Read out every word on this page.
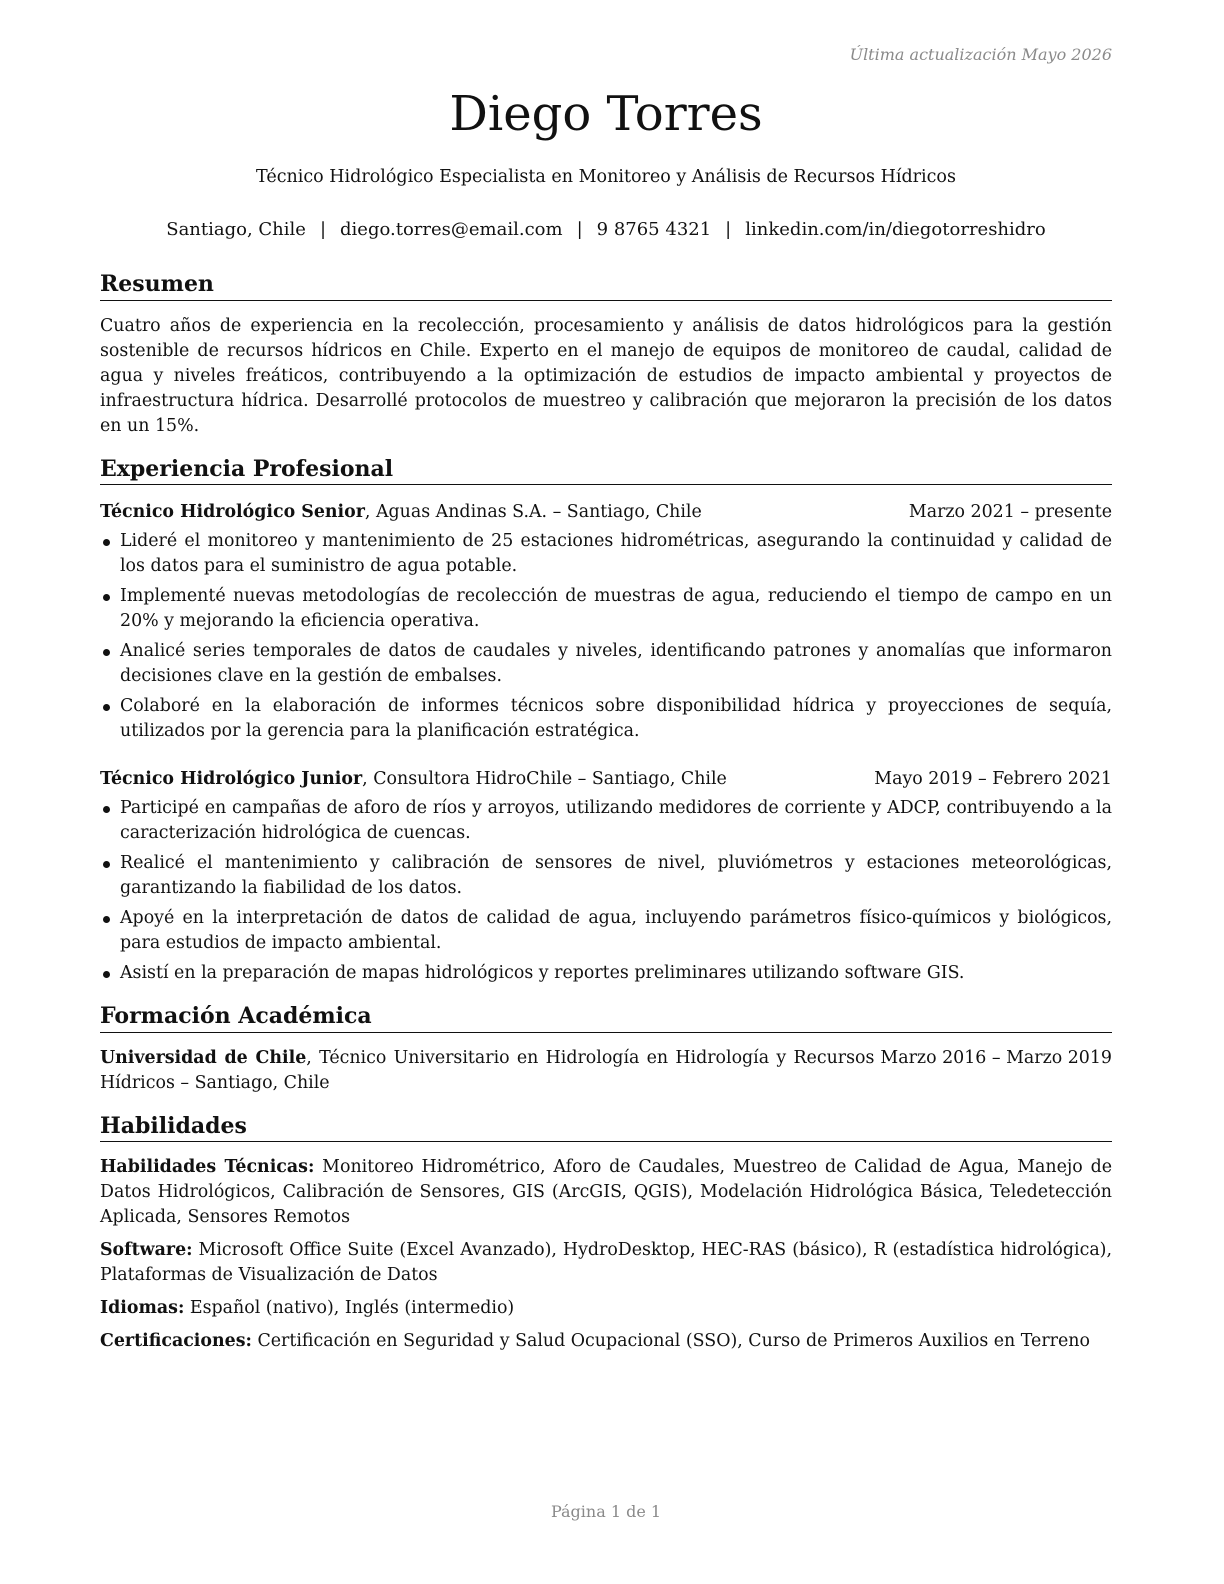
Última actualización Mayo 2026
Diego Torres
Técnico Hidrológico Especialista en Monitoreo y Análisis de Recursos Hídricos
Santiago, Chile | diego.torres@email.com | 9 8765 4321 | linkedin.com/in/diegotorreshidro
Resumen

Cuatro años de experiencia en la recolección, procesamiento y análisis de datos hidrológicos para la gestión sostenible de recursos hídricos en Chile. Experto en el manejo de equipos de monitoreo de caudal, calidad de agua y niveles freáticos, contribuyendo a la optimización de estudios de impacto ambiental y proyectos de infraestructura hídrica. Desarrollé protocolos de muestreo y calibración que mejoraron la precisión de los datos en un 15%.

Experiencia Profesional
Técnico Hidrológico Senior, Aguas Andinas S.A. – Santiago, Chile	Marzo 2021 – presente
Lideré el monitoreo y mantenimiento de 25 estaciones hidrométricas, asegurando la continuidad y calidad de los datos para el suministro de agua potable.
Implementé nuevas metodologías de recolección de muestras de agua, reduciendo el tiempo de campo en un 20% y mejorando la eficiencia operativa.
Analicé series temporales de datos de caudales y niveles, identificando patrones y anomalías que informaron decisiones clave en la gestión de embalses.
Colaboré en la elaboración de informes técnicos sobre disponibilidad hídrica y proyecciones de sequía, utilizados por la gerencia para la planificación estratégica.
Técnico Hidrológico Junior, Consultora HidroChile – Santiago, Chile	Mayo 2019 – Febrero 2021
Participé en campañas de aforo de ríos y arroyos, utilizando medidores de corriente y ADCP, contribuyendo a la caracterización hidrológica de cuencas.
Realicé el mantenimiento y calibración de sensores de nivel, pluviómetros y estaciones meteorológicas, garantizando la fiabilidad de los datos.
Apoyé en la interpretación de datos de calidad de agua, incluyendo parámetros físico-químicos y biológicos, para estudios de impacto ambiental.
Asistí en la preparación de mapas hidrológicos y reportes preliminares utilizando software GIS.
Formación Académica
Universidad de Chile, Técnico Universitario en Hidrología en Hidrología y Recursos Hídricos – Santiago, Chile
Marzo 2016 – Marzo 2019
Habilidades

Habilidades Técnicas: Monitoreo Hidrométrico, Aforo de Caudales, Muestreo de Calidad de Agua, Manejo de Datos Hidrológicos, Calibración de Sensores, GIS (ArcGIS, QGIS), Modelación Hidrológica Básica, Teledetección Aplicada, Sensores Remotos

Software: Microsoft Office Suite (Excel Avanzado), HydroDesktop, HEC-RAS (básico), R (estadística hidrológica), Plataformas de Visualización de Datos

Idiomas: Español (nativo), Inglés (intermedio)

Certificaciones: Certificación en Seguridad y Salud Ocupacional (SSO), Curso de Primeros Auxilios en Terreno

Página 1 de 1
